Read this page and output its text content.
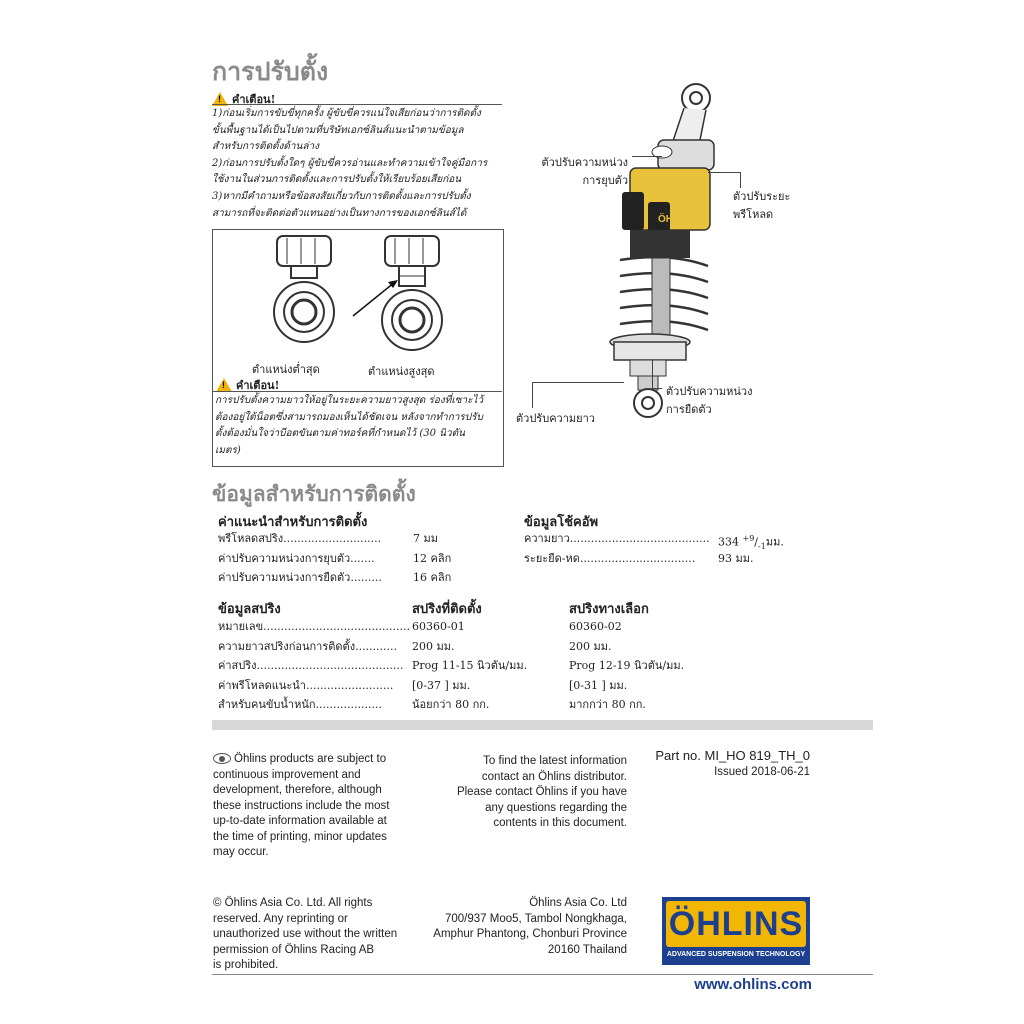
การปรับตั้ง
!
คำเตือน!
1)ก่อนเริ่มการขับขี่ทุกครั้ง ผู้ขับขี่ควรแน่ใจเสียก่อนว่าการติดตั้ง
ขั้นพื้นฐานได้เป็นไปตามที่บริษัทเอกซ์ลินส์แนะนำตามข้อมูล
สำหรับการติดตั้งด้านล่าง
2)ก่อนการปรับตั้งใดๆ ผู้ขับขี่ควรอ่านและทำความเข้าใจคู่มือการ
ใช้งานในส่วนการติดตั้งและการปรับตั้งให้เรียบร้อยเสียก่อน
3)หากมีคำถามหรือข้อสงสัยเกี่ยวกับการติดตั้งและการปรับตั้ง
สามารถที่จะติดต่อตัวแทนอย่างเป็นทางการของเอกซ์ลินส์ได้
ตำแหน่งต่ำสุด	ตำแหน่งสูงสุด
!
คำเตือน!
การปรับตั้งความยาวให้อยู่ในระยะความยาวสูงสุด ร่องที่เซาะไว้
ต้องอยู่ใต้น็อตซึ่งสามารถมองเห็นได้ชัดเจน หลังจากทำการปรับ
ตั้งต้องมั่นใจว่าบีอตขันตามค่าทอร์คที่กำหนดไว้ (30 นิวตัน
เมตร)
ÖH
ตัวปรับความหน่วง
การยุบตัว
ตัวปรับระยะ
พรีโหลด
ตัวปรับความหน่วง
การยืดตัว
ตัวปรับความยาว
ข้อมูลสำหรับการติดตั้ง
ค่าแนะนำสำหรับการติดตั้ง
พรีโหลดสปริง............................	7 มม
ค่าปรับความหน่วงการยุบตัว.......	12 คลิก
ค่าปรับความหน่วงการยืดตัว.........	16 คลิก
ข้อมูลโช้คอัพ
ความยาว........................................ 334 $^{+9}/_{-1}$มม.
ระยะยืด-หด................................. 93 มม.
ข้อมูลสปริง	สปริงที่ติดตั้ง	สปริงทางเลือก
หมายเลข.......................................... 60360-01	60360-02
ความยาวสปริงก่อนการติดตั้ง............ 200 มม.	200 มม.
ค่าสปริง.......................................... Prog 11-15 นิวตัน/มม.	Prog 12-19 นิวตัน/มม.
ค่าพรีโหลดแนะนำ......................... [0-37 ] มม.	[0-31 ] มม.
สำหรับคนขับน้ำหนัก...................	น้อยกว่า 80 กก.	มากกว่า 80 กก.
Öhlins products are subject to
continuous improvement and
development, therefore, although
these instructions include the most
up-to-date information available at
the time of printing, minor updates
may occur.
To find the latest information
contact an Öhlins distributor.
Please contact Öhlins if you have
any questions regarding the
contents in this document.
Part no. MI_HO 819_TH_0
Issued 2018-06-21
© Öhlins Asia Co. Ltd. All rights
reserved. Any reprinting or
unauthorized use without the written
permission of Öhlins Racing AB
is prohibited.
Öhlins Asia Co. Ltd
700/937 Moo5, Tambol Nongkhaga,
Amphur Phantong, Chonburi Province
20160 Thailand
ÖHLINS
ADVANCED SUSPENSION TECHNOLOGY
www.ohlins.com
